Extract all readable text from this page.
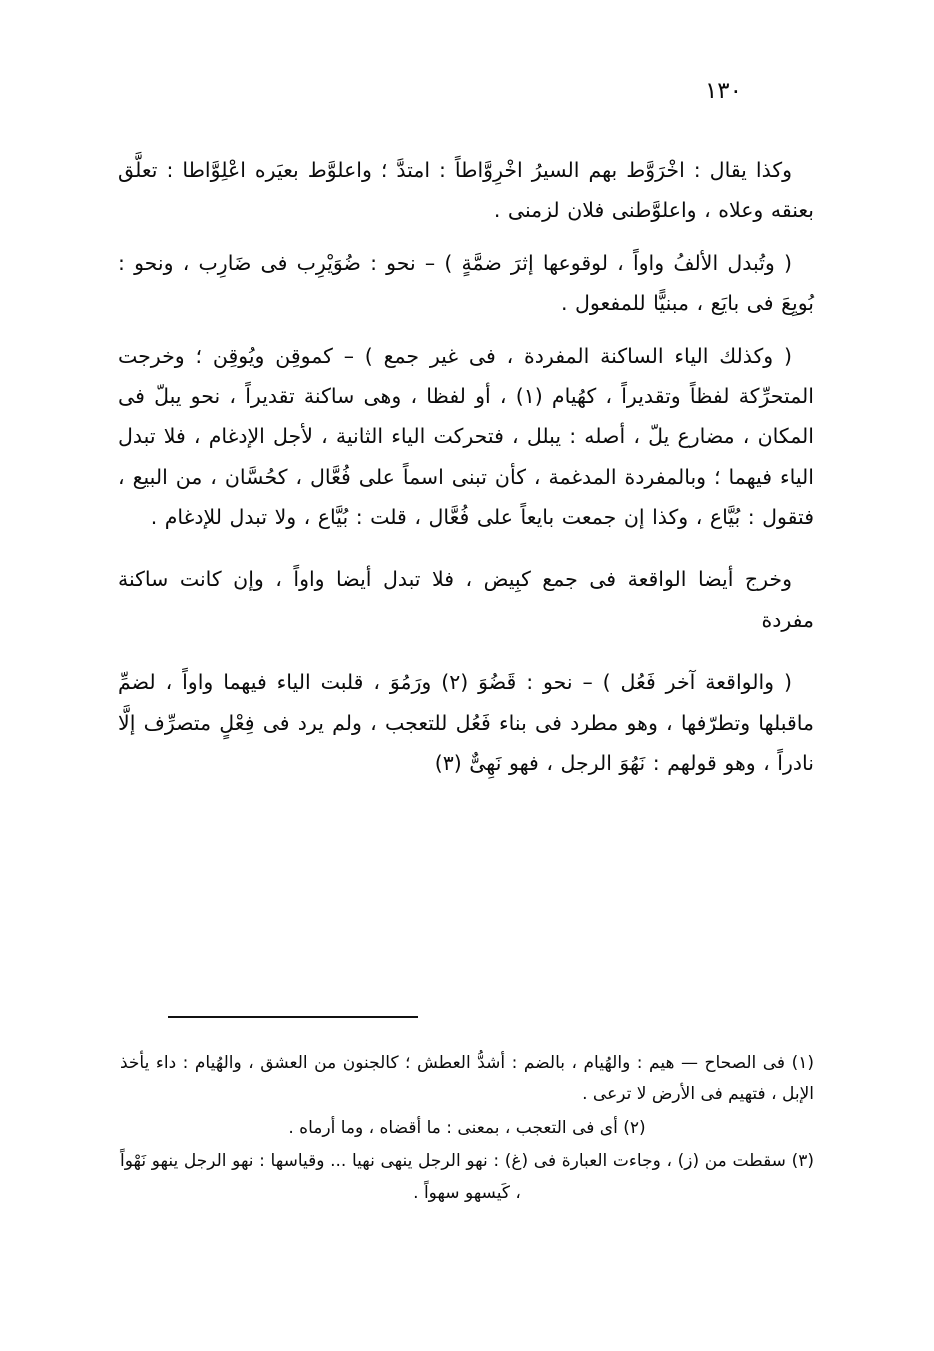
١٣٠

وكذا يقال : اخْرَوَّط بهم السيرُ اخْرِوَّاطاً : امتدَّ ؛ واعلوَّط بعيَره اعْلِوَّاطا : تعلَّق بعنقه وعلاه ، واعلوَّطنى فلان لزمنى .

( وتُبدل الألفُ واواً ، لوقوعها إثرَ ضمَّةٍ ) ‏– نحو : ضُوَيْرِب فى ضَارِب ، ونحو : بُويِعَ فى بايَع ، مبنيًّا للمفعول .

( وكذلك الياء الساكنة المفردة ، فى غير جمع ) ‏– كموقِن ويُوقِن ؛ وخرجت المتحرِّكة لفظاً وتقديراً ، كهُيام (١) ، أو لفظا ، وهى ساكنة تقديراً ، نحو يبلّ فى المكان ، مضارع يلّ ، أصله : يبلل ، فتحركت الياء الثانية ، لأجل الإدغام ، فلا تبدل الياء فيهما ؛ وبالمفردة المدغمة ، كأن تبنى اسماً على فُعَّال ، كحُسَّان ، من البيع ، فتقول : بُيَّاع ، وكذا إن جمعت بايعاً على فُعَّال ، قلت : بُيَّاع ، ولا تبدل للإدغام .

وخرج أيضا الواقعة فى جمع كبِيض ، فلا تبدل أيضا واواً ، وإن كانت ساكنة مفردة

( والواقعة آخر فَعُل ) ‏– نحو : قَضُوَ (٢) ورَمُوَ ، قلبت الياء فيهما واواً ، لضمِّ ماقبلها وتطرّفها ، وهو مطرد فى بناء فَعُل للتعجب ، ولم يرد فى فِعْلٍ متصرِّف إلَّا نادراً ، وهو قولهم : نَهُوَ الرجل ، فهو نَهِىٌّ (٣)

(١) فى الصحاح — هيم : والهُيام ، بالضم : أشدُّ العطش ؛ كالجنون من العشق ، والهُيام : داء يأخذ الإبل ، فتهيم فى الأرض لا ترعى .

(٢) أى فى التعجب ، بمعنى : ما أقضاه ، وما أرماه .

(٣) سقطت من (ز) ، وجاءت العبارة فى (غ) : نهو الرجل ينهى نهيا ... وقياسها : نهو الرجل ينهو نَهْواً ، كَيسهو سهواً .
